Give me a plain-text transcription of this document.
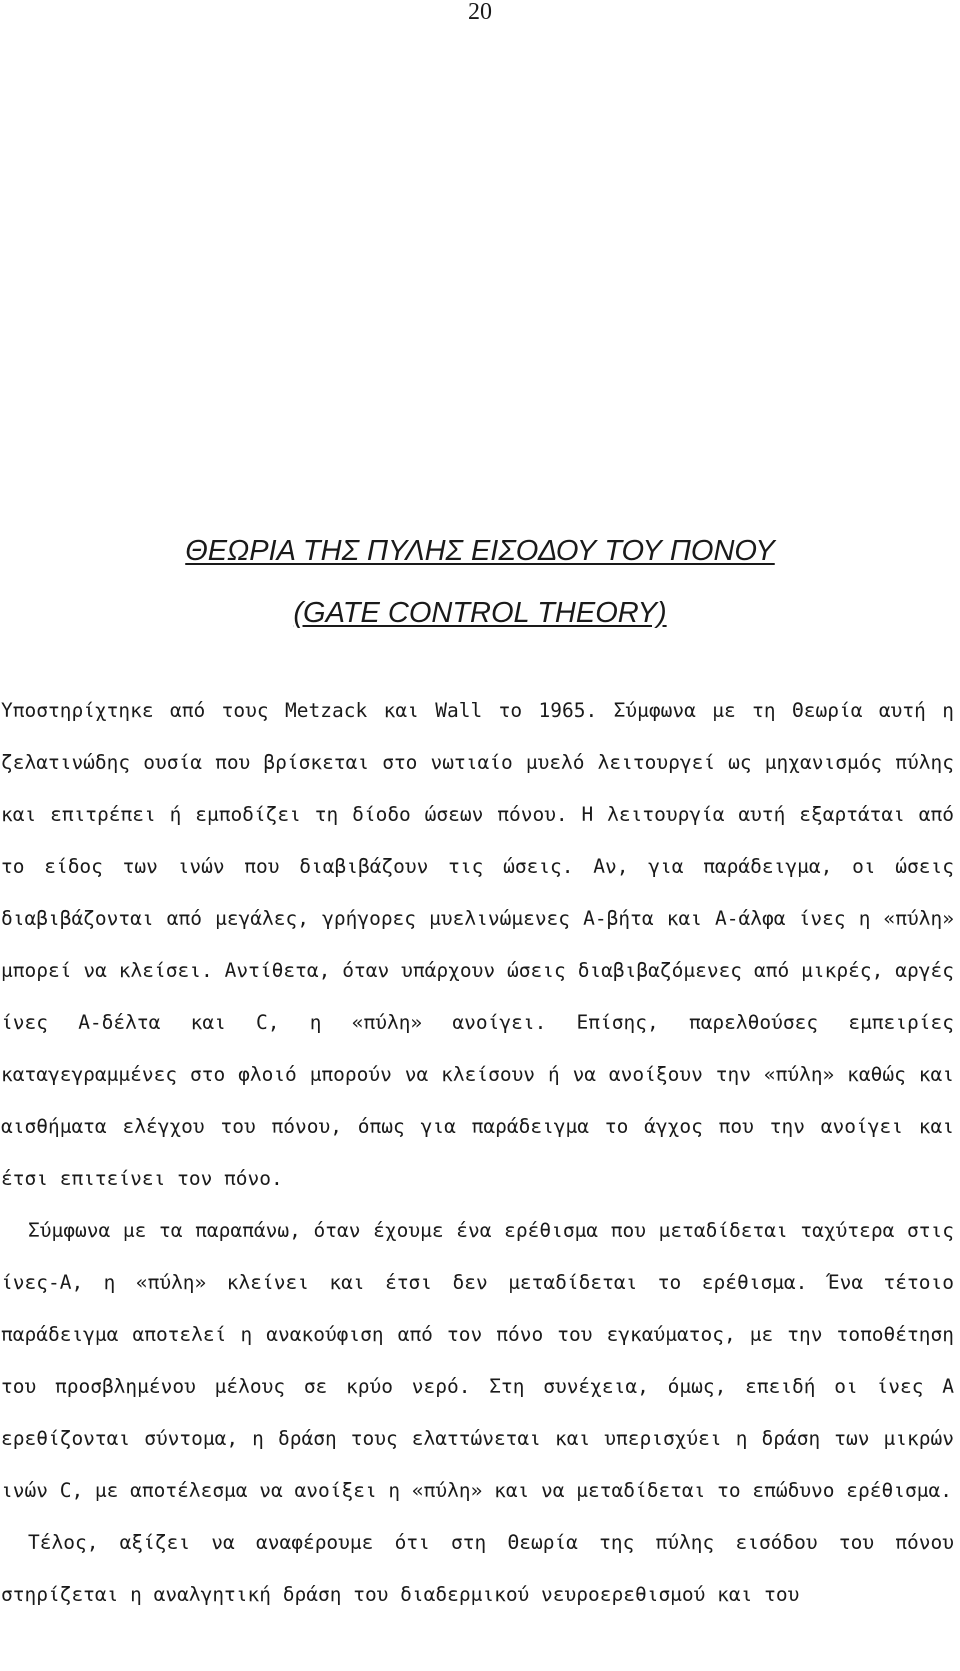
20
ΘΕΩΡΙΑ ΤΗΣ ΠΥΛΗΣ ΕΙΣΟΔΟΥ ΤΟΥ ΠΟΝΟΥ
(GATE CONTROL THEORY)

Υποστηρίχτηκε από τους Metzack και Wall το 1965. Σύμφωνα με τη Θεωρία αυτή η ζελατινώδης ουσία που βρίσκεται στο νωτιαίο μυελό λειτουργεί ως μηχανισμός πύλης και επιτρέπει ή εμποδίζει τη δίοδο ώσεων πόνου. Η λειτουργία αυτή εξαρτάται από το είδος των ινών που διαβιβάζουν τις ώσεις. Αν, για παράδειγμα, οι ώσεις διαβιβάζονται από μεγάλες, γρήγορες μυελινώμενες Α-βήτα και Α-άλφα ίνες η «πύλη» μπορεί να κλείσει. Αντίθετα, όταν υπάρχουν ώσεις διαβιβαζόμενες από μικρές, αργές ίνες Α-δέλτα και C, η «πύλη» ανοίγει. Επίσης, παρελθούσες εμπειρίες καταγεγραμμένες στο φλοιό μπορούν να κλείσουν ή να ανοίξουν την «πύλη» καθώς και αισθήματα ελέγχου του πόνου, όπως για παράδειγμα το άγχος που την ανοίγει και έτσι επιτείνει τον πόνο.

Σύμφωνα με τα παραπάνω, όταν έχουμε ένα ερέθισμα που μεταδίδεται ταχύτερα στις ίνες-Α, η «πύλη» κλείνει και έτσι δεν μεταδίδεται το ερέθισμα. Ένα τέτοιο παράδειγμα αποτελεί η ανακούφιση από τον πόνο του εγκαύματος, με την τοποθέτηση του προσβλημένου μέλους σε κρύο νερό. Στη συνέχεια, όμως, επειδή οι ίνες Α ερεθίζονται σύντομα, η δράση τους ελαττώνεται και υπερισχύει η δράση των μικρών ινών C, με αποτέλεσμα να ανοίξει η «πύλη» και να μεταδίδεται το επώδυνο ερέθισμα.

Τέλος, αξίζει να αναφέρουμε ότι στη Θεωρία της πύλης εισόδου του πόνου στηρίζεται η αναλγητική δράση του διαδερμικού νευροερεθισμού και του
